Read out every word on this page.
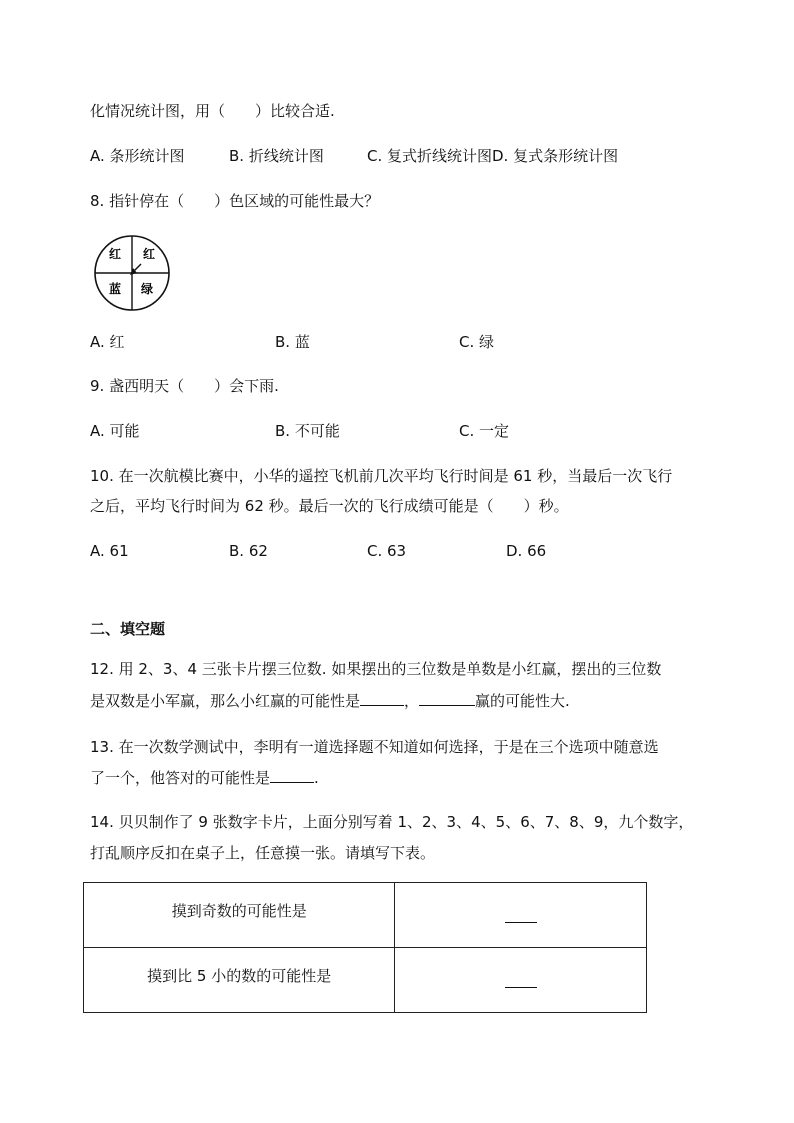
化情况统计图，用（　　）比较合适.
A. 条形统计图	B. 折线统计图	C. 复式折线统计图D. 复式条形统计图
8. 指针停在（　　）色区域的可能性最大？
红 红
蓝 绿
A. 红	B. 蓝	C. 绿
9. 盏西明天（　　）会下雨.
A. 可能	B. 不可能	C. 一定
10. 在一次航模比赛中，小华的遥控飞机前几次平均飞行时间是 61 秒，当最后一次飞行
之后，平均飞行时间为 62 秒。最后一次的飞行成绩可能是（　　）秒。
A. 61	B. 62	C. 63	D. 66
二、填空题
12. 用 2、3、4 三张卡片摆三位数. 如果摆出的三位数是单数是小红赢，摆出的三位数
是双数是小军赢，那么小红赢的可能性是	，	赢的可能性大.
13. 在一次数学测试中，李明有一道选择题不知道如何选择，于是在三个选项中随意选
了一个，他答对的可能性是	.
14. 贝贝制作了 9 张数字卡片，上面分别写着 1、2、3、4、5、6、7、8、9，九个数字，
打乱顺序反扣在桌子上，任意摸一张。请填写下表。
摸到奇数的可能性是	
摸到比 5 小的数的可能性是	
